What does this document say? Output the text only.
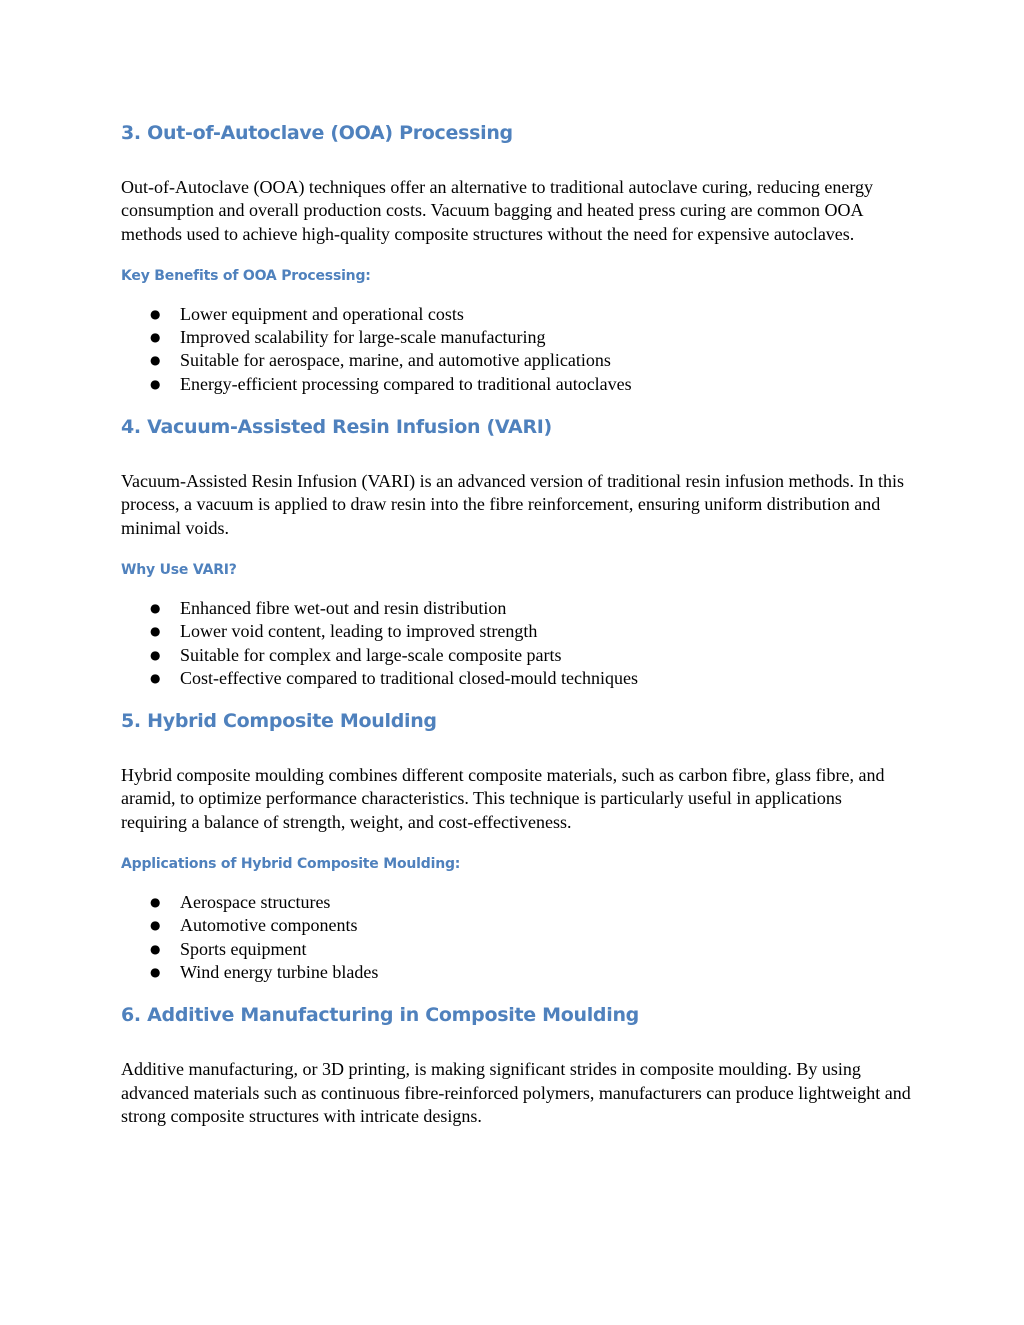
3. Out-of-Autoclave (OOA) Processing

Out-of-Autoclave (OOA) techniques offer an alternative to traditional autoclave curing, reducing energy consumption and overall production costs. Vacuum bagging and heated press curing are common OOA methods used to achieve high-quality composite structures without the need for expensive autoclaves.

Key Benefits of OOA Processing:
● Lower equipment and operational costs
● Improved scalability for large-scale manufacturing
● Suitable for aerospace, marine, and automotive applications
● Energy-efficient processing compared to traditional autoclaves
4. Vacuum-Assisted Resin Infusion (VARI)

Vacuum-Assisted Resin Infusion (VARI) is an advanced version of traditional resin infusion methods. In this process, a vacuum is applied to draw resin into the fibre reinforcement, ensuring uniform distribution and minimal voids.

Why Use VARI?
● Enhanced fibre wet-out and resin distribution
● Lower void content, leading to improved strength
● Suitable for complex and large-scale composite parts
● Cost-effective compared to traditional closed-mould techniques
5. Hybrid Composite Moulding

Hybrid composite moulding combines different composite materials, such as carbon fibre, glass fibre, and aramid, to optimize performance characteristics. This technique is particularly useful in applications requiring a balance of strength, weight, and cost-effectiveness.

Applications of Hybrid Composite Moulding:
● Aerospace structures
● Automotive components
● Sports equipment
● Wind energy turbine blades
6. Additive Manufacturing in Composite Moulding

Additive manufacturing, or 3D printing, is making significant strides in composite moulding. By using advanced materials such as continuous fibre-reinforced polymers, manufacturers can produce lightweight and strong composite structures with intricate designs.
